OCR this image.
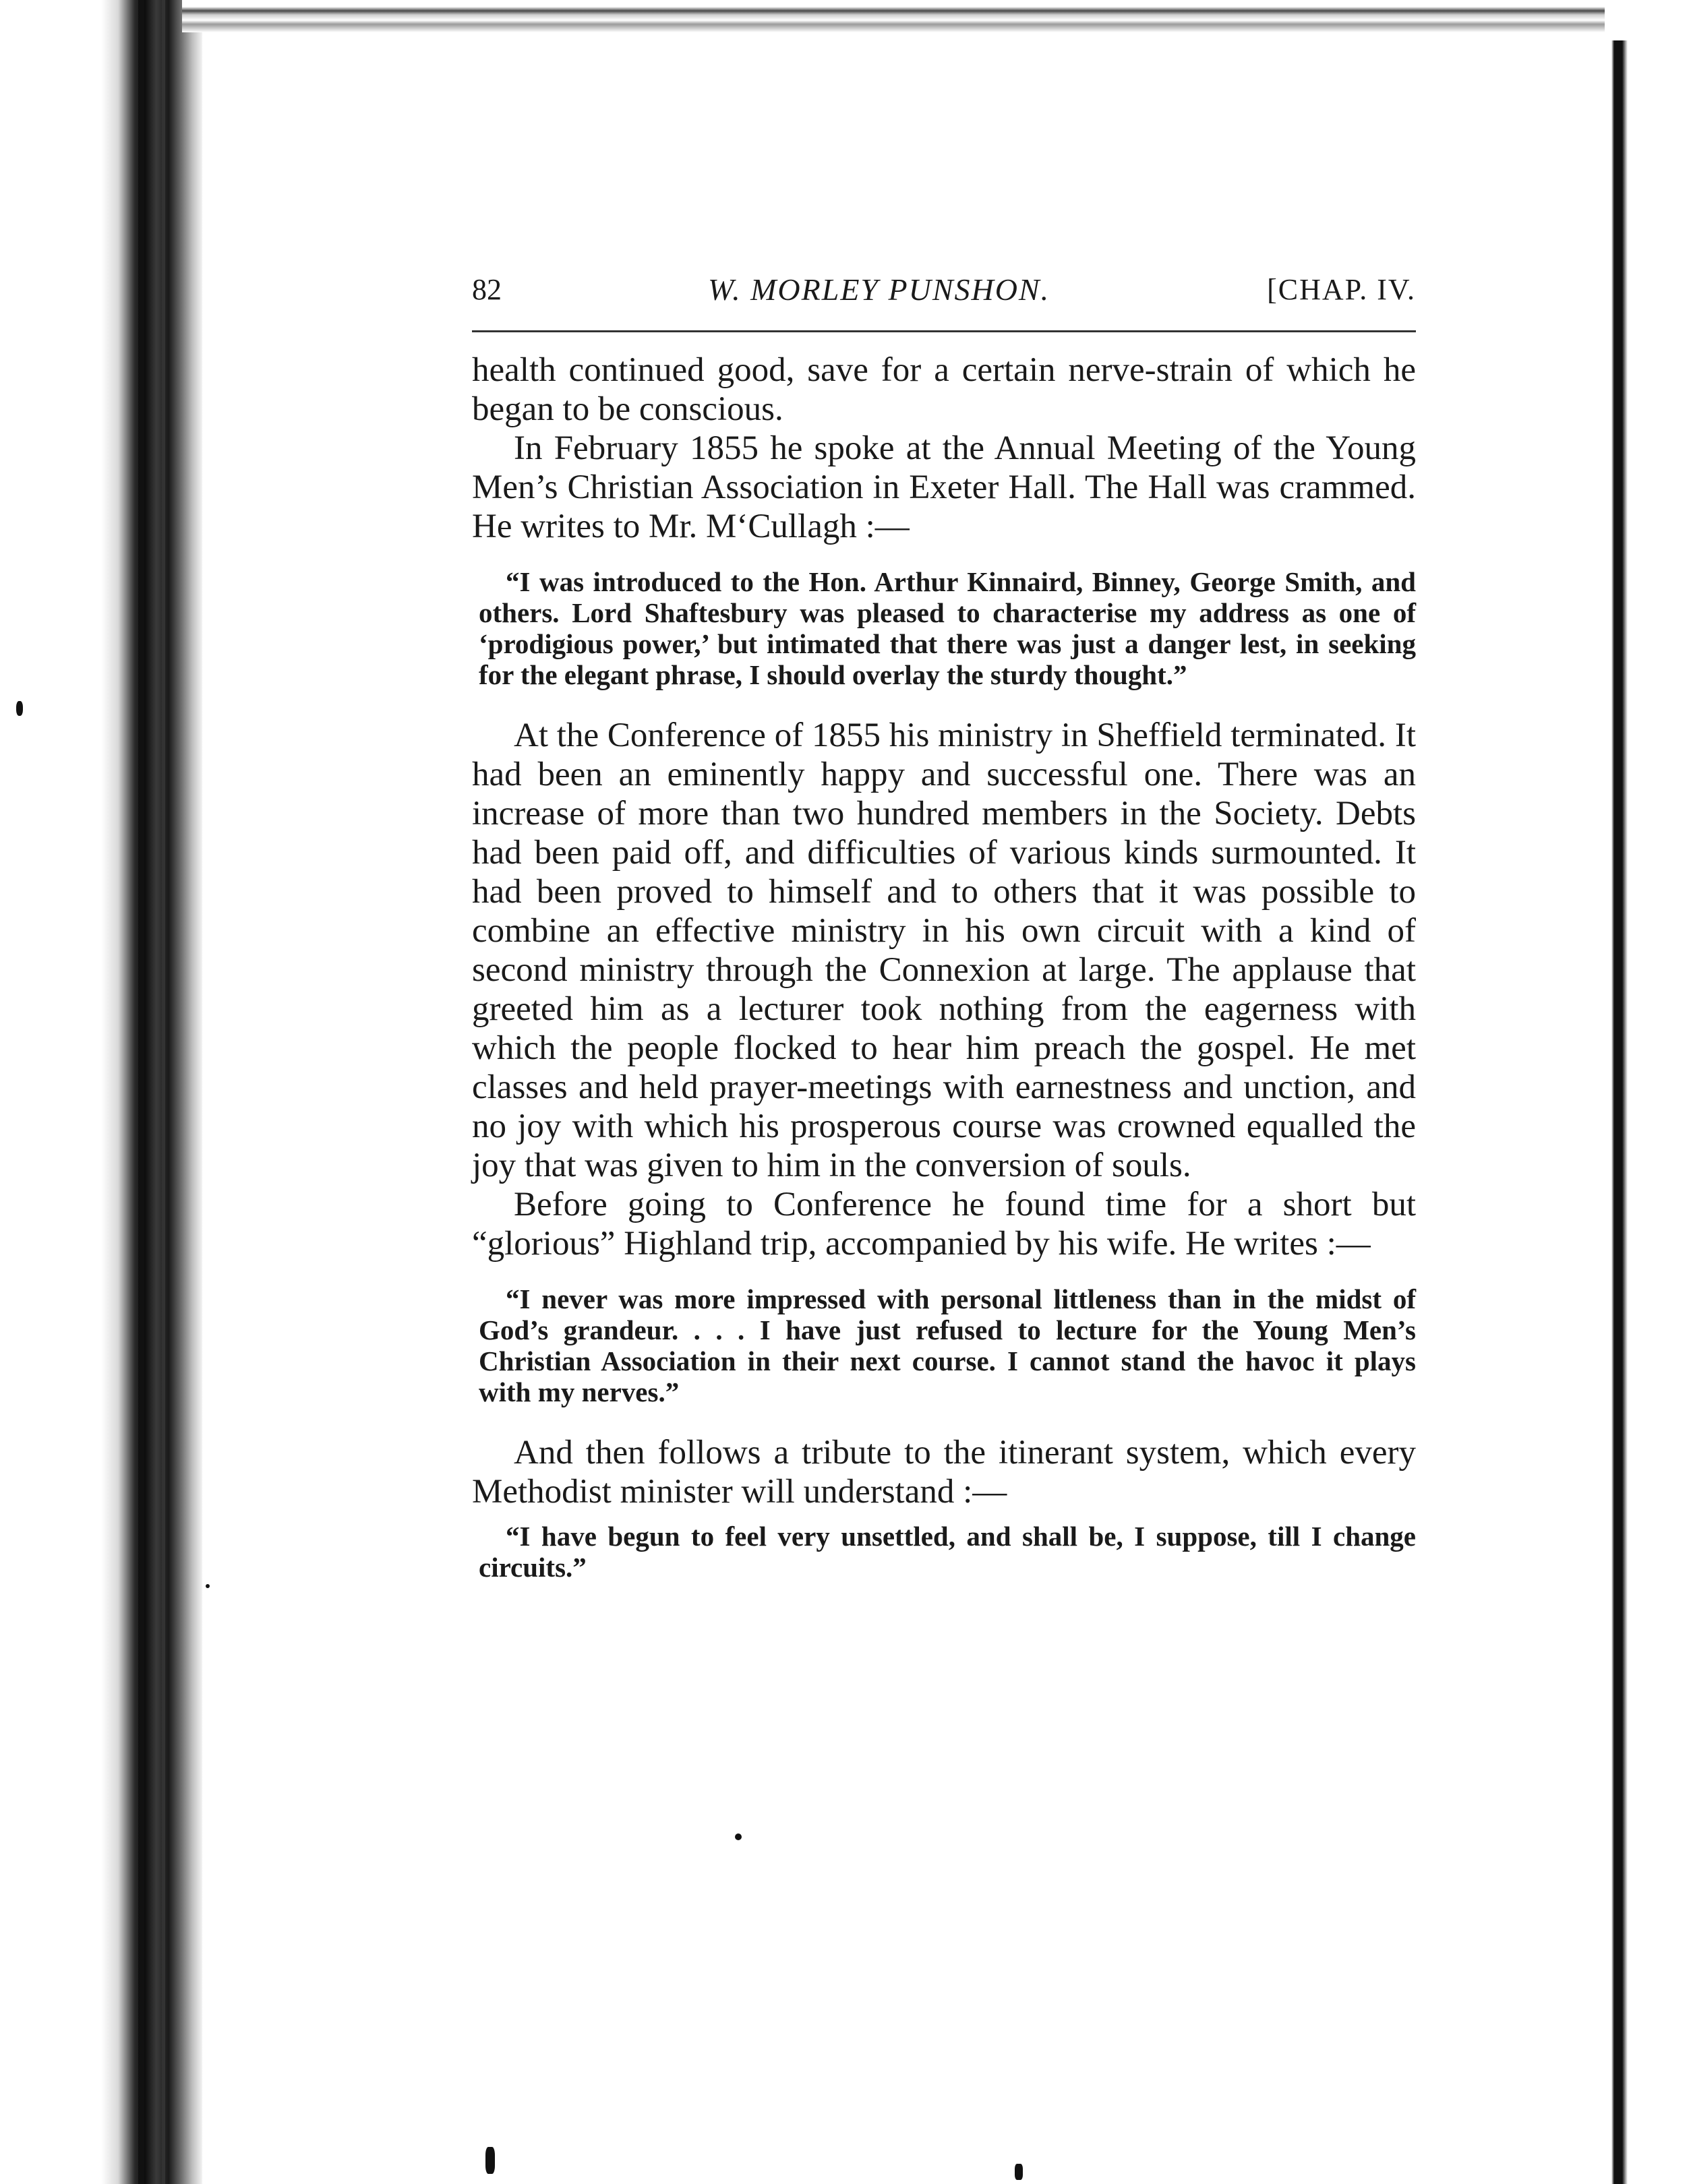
82	W. MORLEY PUNSHON.	[CHAP. IV.

health continued good, save for a certain nerve-strain of which he began to be conscious.

In February 1855 he spoke at the Annual Meeting of the Young Men’s Christian Association in Exeter Hall. The Hall was crammed. He writes to Mr. M‘Cullagh :—

“I was introduced to the Hon. Arthur Kinnaird, Binney, George Smith, and others. Lord Shaftesbury was pleased to characterise my address as one of ‘prodigious power,’ but intimated that there was just a danger lest, in seeking for the elegant phrase, I should overlay the sturdy thought.”

At the Conference of 1855 his ministry in Sheffield terminated. It had been an eminently happy and successful one. There was an increase of more than two hundred members in the Society. Debts had been paid off, and difficulties of various kinds surmounted. It had been proved to himself and to others that it was possible to combine an effective ministry in his own circuit with a kind of second ministry through the Connexion at large. The applause that greeted him as a lecturer took nothing from the eagerness with which the people flocked to hear him preach the gospel. He met classes and held prayer-meetings with earnestness and unction, and no joy with which his prosperous course was crowned equalled the joy that was given to him in the conversion of souls.

Before going to Conference he found time for a short but “glorious” Highland trip, accompanied by his wife. He writes :—

“I never was more impressed with personal littleness than in the midst of God’s grandeur. . . . I have just refused to lecture for the Young Men’s Christian Association in their next course. I cannot stand the havoc it plays with my nerves.”

And then follows a tribute to the itinerant system, which every Methodist minister will understand :—

“I have begun to feel very unsettled, and shall be, I suppose, till I change circuits.”
